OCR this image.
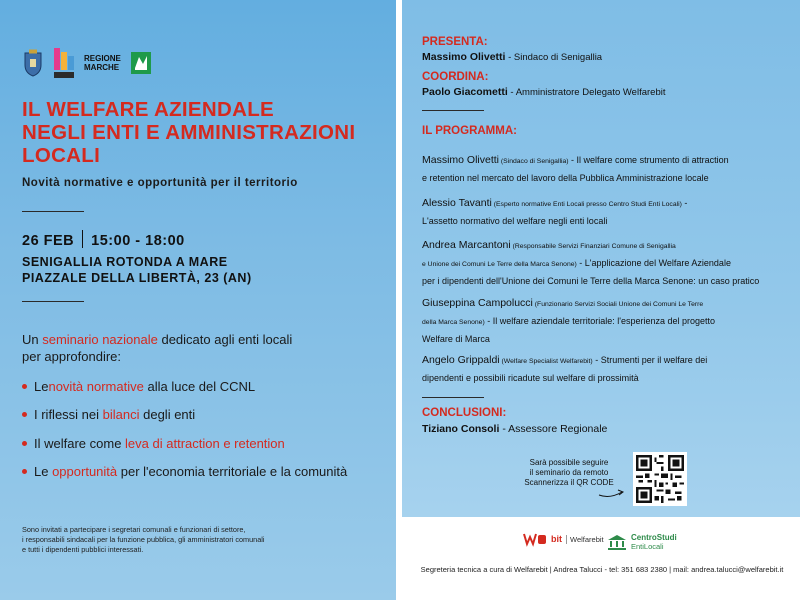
REGIONE
MARCHE
IL WELFARE AZIENDALE
NEGLI ENTI E AMMINISTRAZIONI
LOCALI
Novità normative e opportunità per il territorio
26 FEB 15:00 - 18:00
SENIGALLIA ROTONDA A MARE
PIAZZALE DELLA LIBERTÀ, 23 (AN)
Un seminario nazionale dedicato agli enti locali
per approfondire:
Le novità normative alla luce del CCNL
I riflessi nei bilanci degli enti
Il welfare come leva di attraction e retention
Le opportunità per l'economia territoriale e la comunità
Sono invitati a partecipare i segretari comunali e funzionari di settore,
i responsabili sindacali per la funzione pubblica, gli amministratori comunali
e tutti i dipendenti pubblici interessati.
PRESENTA:
Massimo Olivetti - Sindaco di Senigallia
COORDINA:
Paolo Giacometti - Amministratore Delegato Welfarebit
IL PROGRAMMA:
Massimo Olivetti (Sindaco di Senigallia) - Il welfare come strumento di attraction
e retention nel mercato del lavoro della Pubblica Amministrazione locale
Alessio Tavanti (Esperto normative Enti Locali presso Centro Studi Enti Locali) -
L'assetto normativo del welfare negli enti locali
Andrea Marcantoni (Responsabile Servizi Finanziari Comune di Senigallia
e Unione dei Comuni Le Terre della Marca Senone) - L'applicazione del Welfare Aziendale
per i dipendenti dell'Unione dei Comuni le Terre della Marca Senone: un caso pratico
Giuseppina Campolucci (Funzionario Servizi Sociali Unione dei Comuni Le Terre
della Marca Senone) - Il welfare aziendale territoriale: l'esperienza del progetto
Welfare di Marca
Angelo Grippaldi (Welfare Specialist Welfarebit) - Strumenti per il welfare dei
dipendenti e possibili ricadute sul welfare di prossimità
CONCLUSIONI:
Tiziano Consoli - Assessore Regionale
Sarà possibile seguire
il seminario da remoto
Scannerizza il QR CODE
bit	Welfarebit	CentroStudi
EntiLocali
Segreteria tecnica a cura di Welfarebit | Andrea Talucci - tel: 351 683 2380 | mail: andrea.talucci@welfarebit.it
